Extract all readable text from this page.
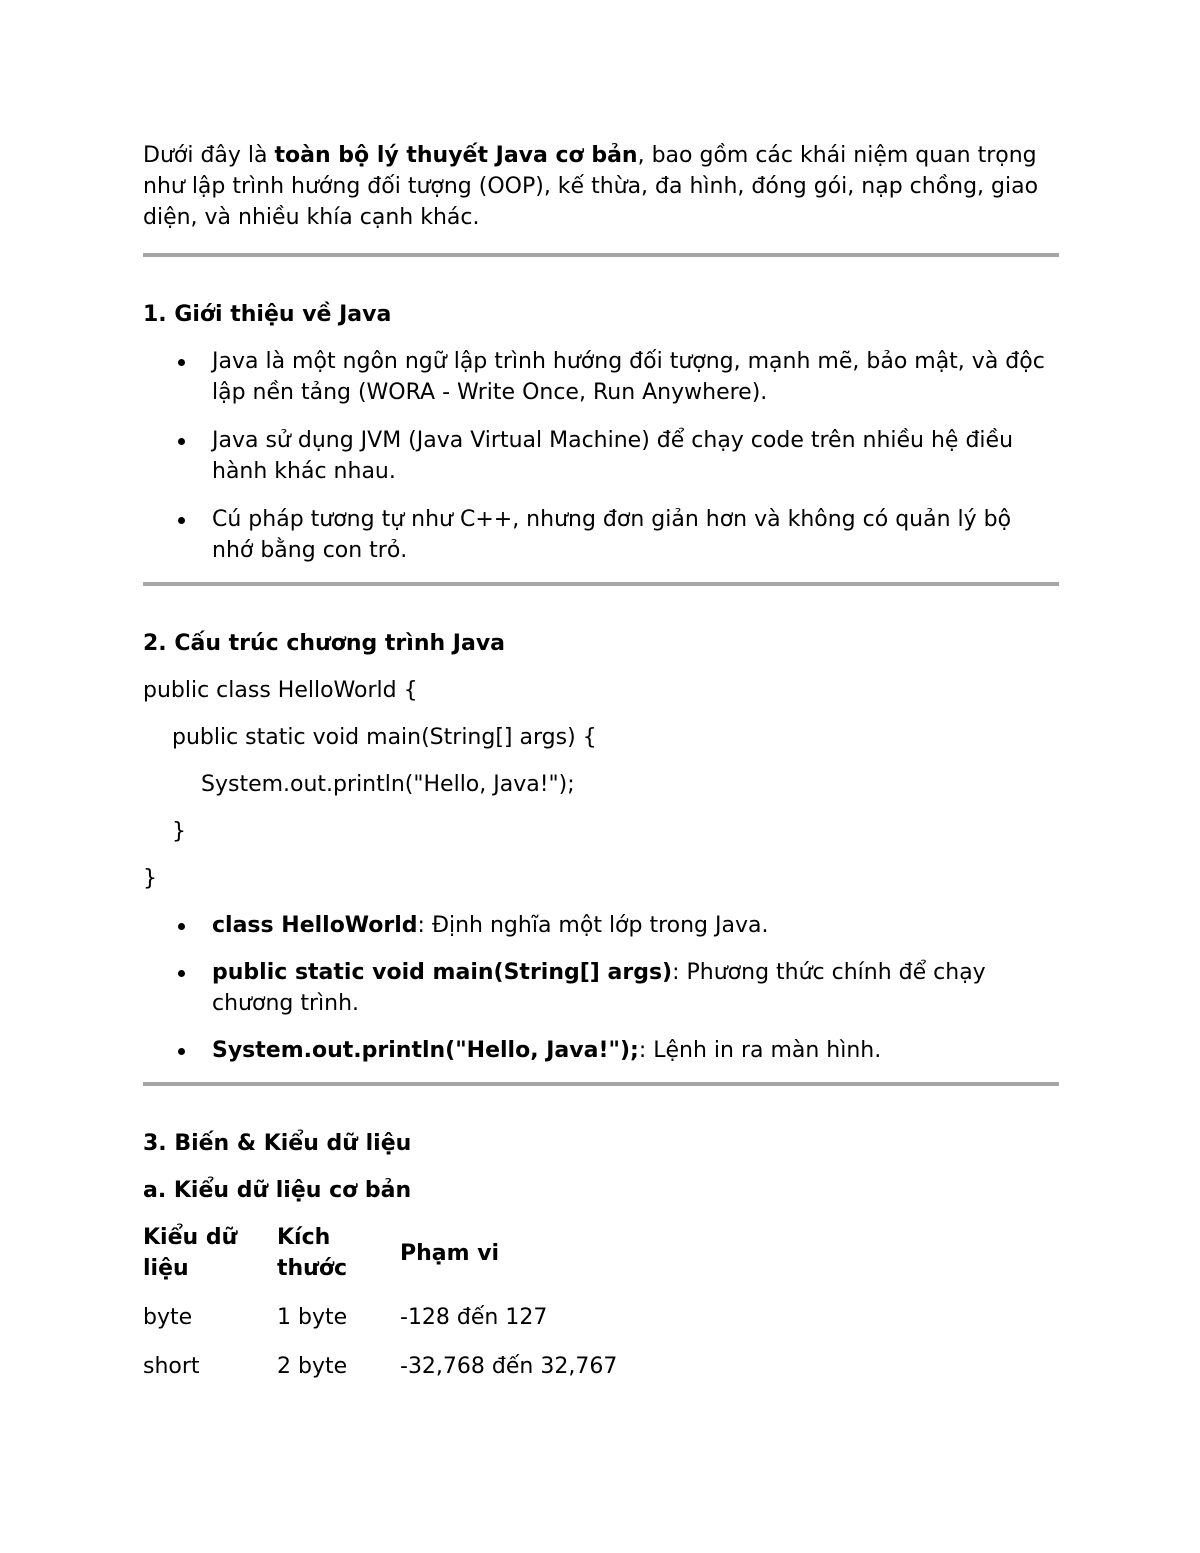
Dưới đây là toàn bộ lý thuyết Java cơ bản, bao gồm các khái niệm quan trọng như lập trình hướng đối tượng (OOP), kế thừa, đa hình, đóng gói, nạp chồng, giao diện, và nhiều khía cạnh khác.

1. Giới thiệu về Java

Java là một ngôn ngữ lập trình hướng đối tượng, mạnh mẽ, bảo mật, và độc lập nền tảng (WORA - Write Once, Run Anywhere).
Java sử dụng JVM (Java Virtual Machine) để chạy code trên nhiều hệ điều hành khác nhau.
Cú pháp tương tự như C++, nhưng đơn giản hơn và không có quản lý bộ nhớ bằng con trỏ.

2. Cấu trúc chương trình Java

public class HelloWorld {

public static void main(String[] args) {

System.out.println("Hello, Java!");

}

}

class HelloWorld: Định nghĩa một lớp trong Java.
public static void main(String[] args): Phương thức chính để chạy chương trình.
System.out.println("Hello, Java!");: Lệnh in ra màn hình.

3. Biến & Kiểu dữ liệu

a. Kiểu dữ liệu cơ bản

Kiểu dữ liệu	Kích thước	Phạm vi
byte	1 byte	-128 đến 127
short	2 byte	-32,768 đến 32,767
